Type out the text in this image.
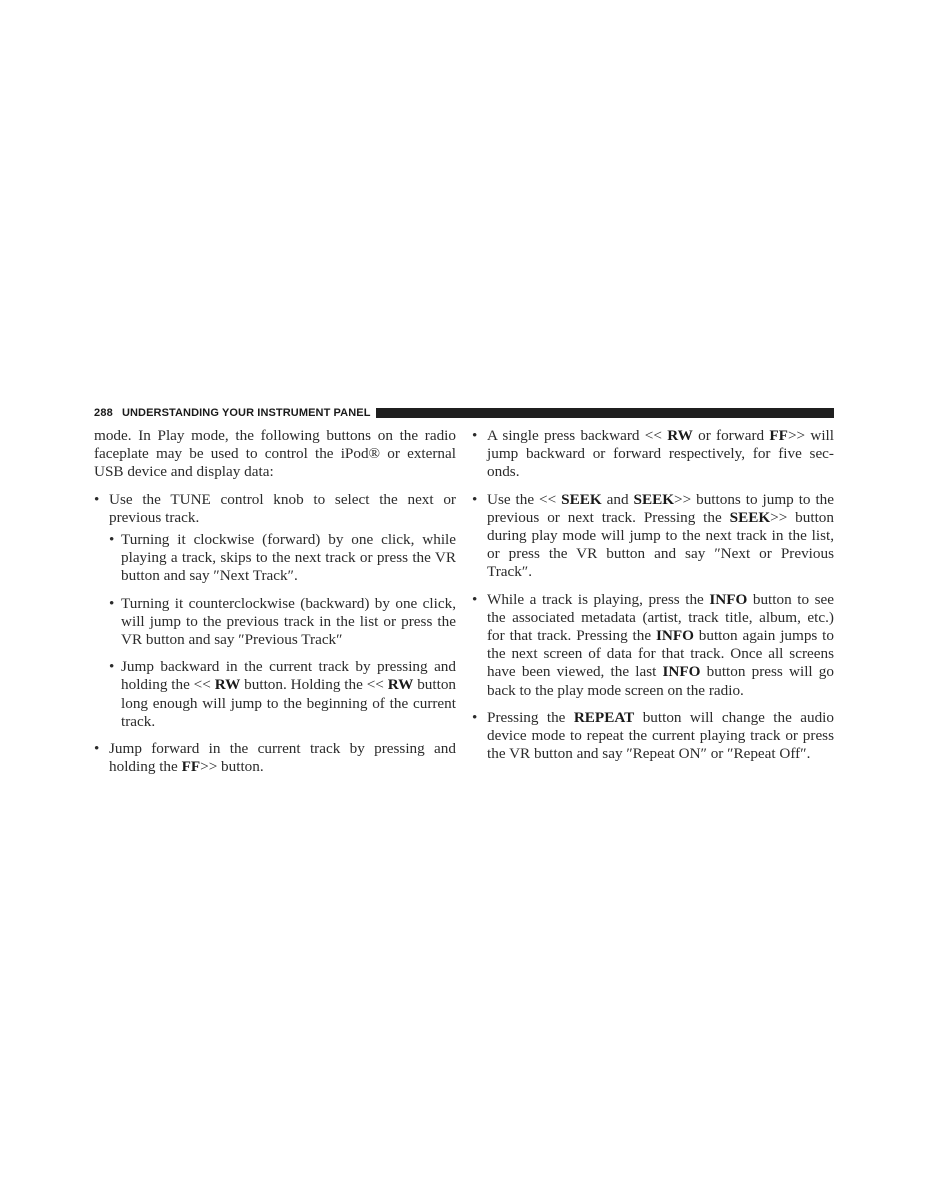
288 UNDERSTANDING YOUR INSTRUMENT PANEL

mode. In Play mode, the following buttons on the radio faceplate may be used to control the iPod® or external USB device and display data:

• Use the TUNE control knob to select the next or previous track.
• Turning it clockwise (forward) by one click, while playing a track, skips to the next track or press the VR button and say ″Next Track″.
• Turning it counterclockwise (backward) by one click, will jump to the previous track in the list or press the VR button and say ″Previous Track″
• Jump backward in the current track by pressing and holding the << RW button. Holding the << RW button long enough will jump to the beginning of the current track.
• Jump forward in the current track by pressing and holding the FF>> button.
• A single press backward << RW or forward FF>> will jump backward or forward respectively, for five sec-onds.
• Use the << SEEK and SEEK>> buttons to jump to the previous or next track. Pressing the SEEK>> button during play mode will jump to the next track in the list, or press the VR button and say ″Next or Previous Track″.
• While a track is playing, press the INFO button to see the associated metadata (artist, track title, album, etc.) for that track. Pressing the INFO button again jumps to the next screen of data for that track. Once all screens have been viewed, the last INFO button press will go back to the play mode screen on the radio.
• Pressing the REPEAT button will change the audio device mode to repeat the current playing track or press the VR button and say ″Repeat ON″ or ″Repeat Off″.
